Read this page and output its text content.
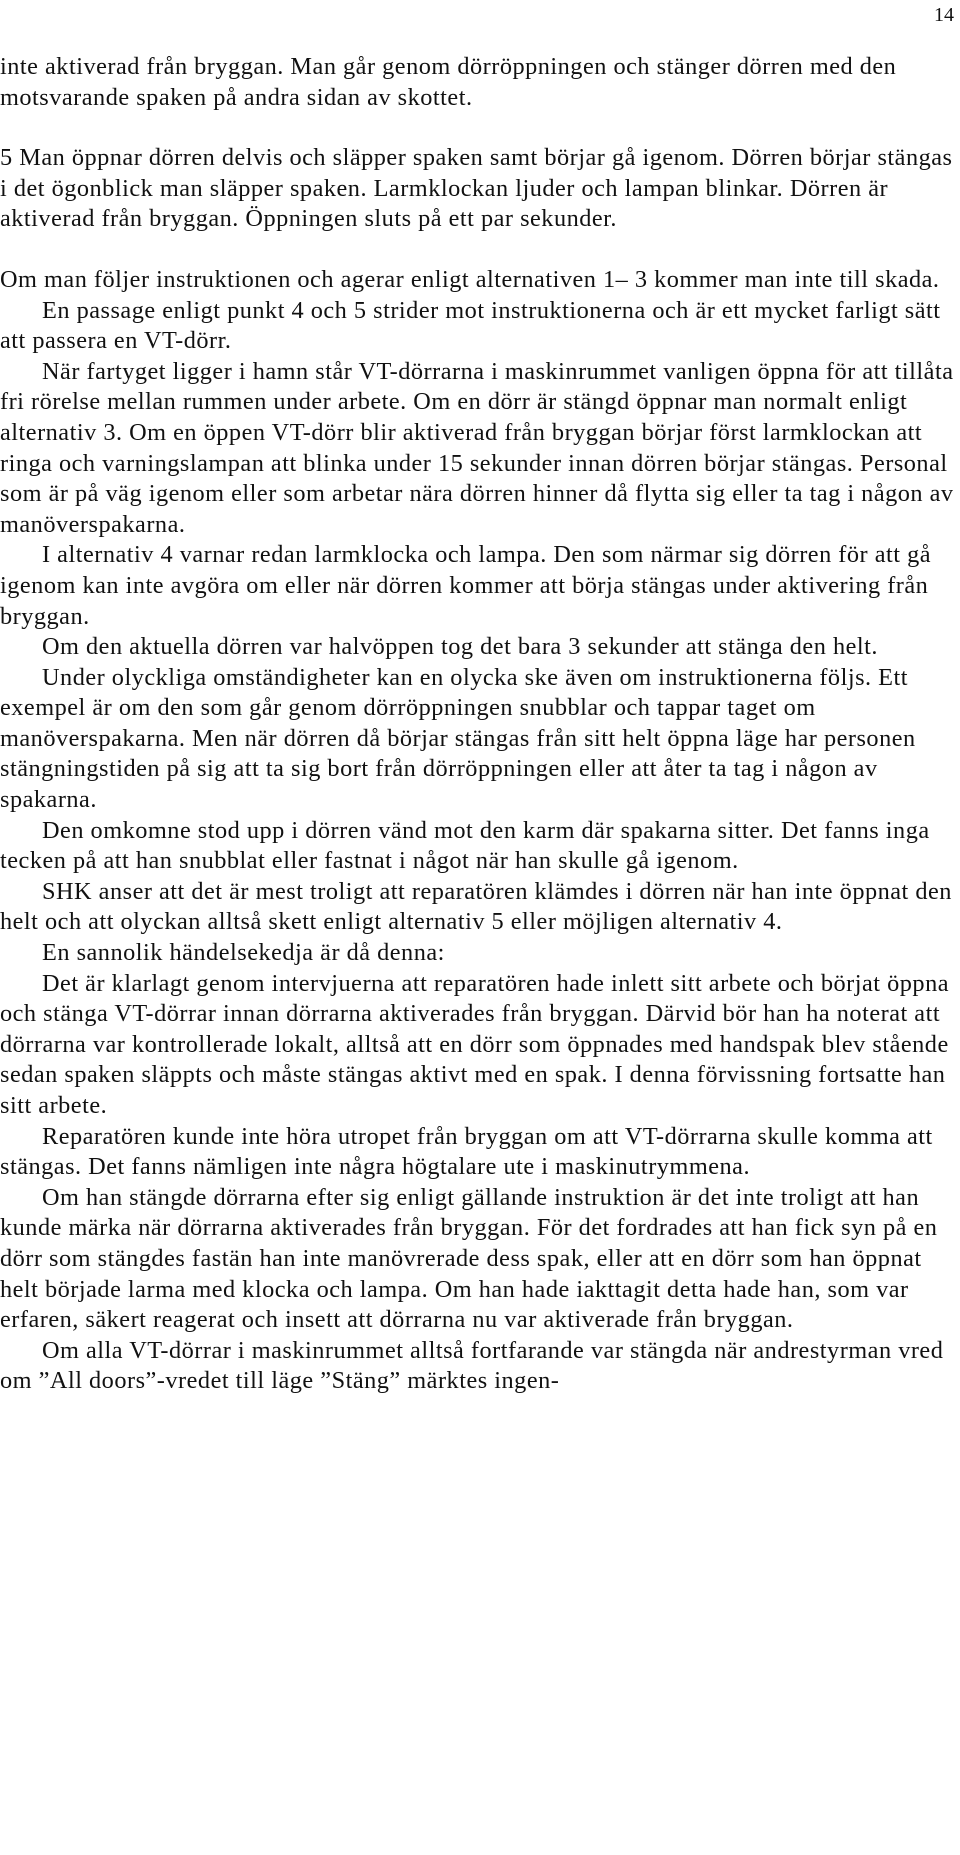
14

inte aktiverad från bryggan. Man går genom dörröppningen och stänger dörren med den motsvarande spaken på andra sidan av skottet.

5 Man öppnar dörren delvis och släpper spaken samt börjar gå igenom. Dörren börjar stängas i det ögonblick man släpper spaken. Larmklockan ljuder och lampan blinkar. Dörren är aktiverad från bryggan. Öppningen sluts på ett par sekunder.

Om man följer instruktionen och agerar enligt alternativen 1– 3 kommer man inte till skada.

En passage enligt punkt 4 och 5 strider mot instruktionerna och är ett mycket farligt sätt att passera en VT-dörr.

När fartyget ligger i hamn står VT-dörrarna i maskinrummet vanligen öppna för att tillåta fri rörelse mellan rummen under arbete. Om en dörr är stängd öppnar man normalt enligt alternativ 3. Om en öppen VT-dörr blir aktiverad från bryggan börjar först larmklockan att ringa och varningslampan att blinka under 15 sekunder innan dörren börjar stängas. Personal som är på väg igenom eller som arbetar nära dörren hinner då flytta sig eller ta tag i någon av manöverspakarna.

I alternativ 4 varnar redan larmklocka och lampa. Den som närmar sig dörren för att gå igenom kan inte avgöra om eller när dörren kommer att börja stängas under aktivering från bryggan.

Om den aktuella dörren var halvöppen tog det bara 3 sekunder att stänga den helt.

Under olyckliga omständigheter kan en olycka ske även om instruktionerna följs. Ett exempel är om den som går genom dörröppningen snubblar och tappar taget om manöverspakarna. Men när dörren då börjar stängas från sitt helt öppna läge har personen stängningstiden på sig att ta sig bort från dörröppningen eller att åter ta tag i någon av spakarna.

Den omkomne stod upp i dörren vänd mot den karm där spakarna sitter. Det fanns inga tecken på att han snubblat eller fastnat i något när han skulle gå igenom.

SHK anser att det är mest troligt att reparatören klämdes i dörren när han inte öppnat den helt och att olyckan alltså skett enligt alternativ 5 eller möjligen alternativ 4.

En sannolik händelsekedja är då denna:

Det är klarlagt genom intervjuerna att reparatören hade inlett sitt arbete och börjat öppna och stänga VT-dörrar innan dörrarna aktiverades från bryggan. Därvid bör han ha noterat att dörrarna var kontrollerade lokalt, alltså att en dörr som öppnades med handspak blev stående sedan spaken släppts och måste stängas aktivt med en spak. I denna förvissning fortsatte han sitt arbete.

Reparatören kunde inte höra utropet från bryggan om att VT-dörrarna skulle komma att stängas. Det fanns nämligen inte några högtalare ute i maskinutrymmena.

Om han stängde dörrarna efter sig enligt gällande instruktion är det inte troligt att han kunde märka när dörrarna aktiverades från bryggan. För det fordrades att han fick syn på en dörr som stängdes fastän han inte manövrerade dess spak, eller att en dörr som han öppnat helt började larma med klocka och lampa. Om han hade iakttagit detta hade han, som var erfaren, säkert reagerat och insett att dörrarna nu var aktiverade från bryggan.

Om alla VT-dörrar i maskinrummet alltså fortfarande var stängda när andrestyrman vred om ”All doors”-vredet till läge ”Stäng” märktes ingen-
